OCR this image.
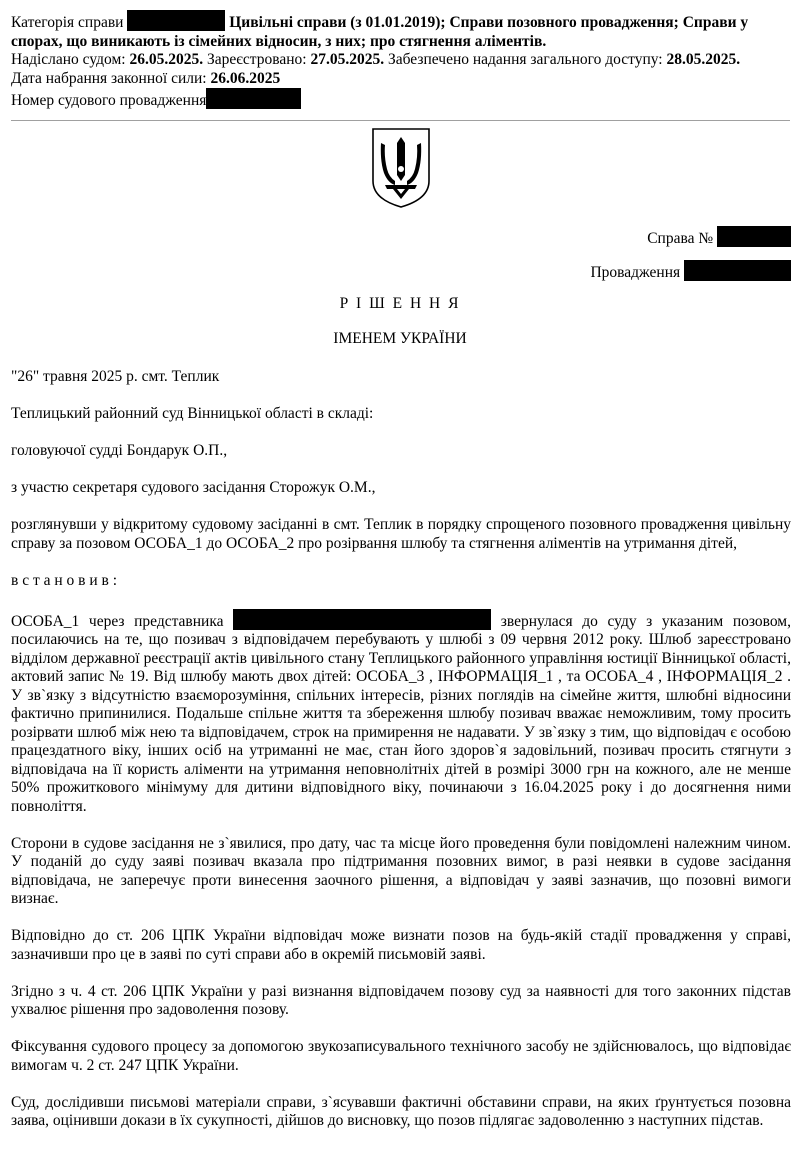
Категорія справи	Цивільні справи (з 01.01.2019); Справи позовного провадження; Справи у спорах, що виникають із сімейних відносин, з них; про стягнення аліментів.
Надіслано судом: 26.05.2025. Зареєстровано: 27.05.2025. Забезпечено надання загального доступу: 28.05.2025.
Дата набрання законної сили: 26.06.2025
Номер судового провадження
Справа №
Провадження
Р І Ш Е Н Н Я
ІМЕНЕМ УКРАЇНИ

"26" травня 2025 р. смт. Теплик

Теплицький районний суд Вінницької області в складі:

головуючої судді Бондарук О.П.,

з участю секретаря судового засідання Сторожук О.М.,

розглянувши у відкритому судовому засіданні в смт. Теплик в порядку спрощеного позовного провадження цивільну справу за позовом ОСОБА_1 до ОСОБА_2 про розірвання шлюбу та стягнення аліментів на утримання дітей,

в с т а н о в и в :

ОСОБА_1 через представника	звернулася до суду з указаним позовом, посилаючись на те, що позивач з відповідачем перебувають у шлюбі з 09 червня 2012 року. Шлюб зареєстровано відділом державної реєстрації актів цивільного стану Теплицького районного управління юстиції Вінницької області, актовий запис № 19. Від шлюбу мають двох дітей: ОСОБА_3 , ІНФОРМАЦІЯ_1 , та ОСОБА_4 , ІНФОРМАЦІЯ_2 . У зв`язку з відсутністю взаєморозуміння, спільних інтересів, різних поглядів на сімейне життя, шлюбні відносини фактично припинилися. Подальше спільне життя та збереження шлюбу позивач вважає неможливим, тому просить розірвати шлюб між нею та відповідачем, строк на примирення не надавати. У зв`язку з тим, що відповідач є особою працездатного віку, інших осіб на утриманні не має, стан його здоров`я задовільний, позивач просить стягнути з відповідача на її користь аліменти на утримання неповнолітніх дітей в розмірі 3000 грн на кожного, але не менше 50% прожиткового мінімуму для дитини відповідного віку, починаючи з 16.04.2025 року і до досягнення ними повноліття.

Сторони в судове засідання не з`явилися, про дату, час та місце його проведення були повідомлені належним чином. У поданій до суду заяві позивач вказала про підтримання позовних вимог, в разі неявки в судове засідання відповідача, не заперечує проти винесення заочного рішення, а відповідач у заяві зазначив, що позовні вимоги визнає.

Відповідно до ст. 206 ЦПК України відповідач може визнати позов на будь-якій стадії провадження у справі, зазначивши про це в заяві по суті справи або в окремій письмовій заяві.

Згідно з ч. 4 ст. 206 ЦПК України у разі визнання відповідачем позову суд за наявності для того законних підстав ухвалює рішення про задоволення позову.

Фіксування судового процесу за допомогою звукозаписувального технічного засобу не здійснювалось, що відповідає вимогам ч. 2 ст. 247 ЦПК України.

Суд, дослідивши письмові матеріали справи, з`ясувавши фактичні обставини справи, на яких ґрунтується позовна заява, оцінивши докази в їх сукупності, дійшов до висновку, що позов підлягає задоволенню з наступних підстав.
